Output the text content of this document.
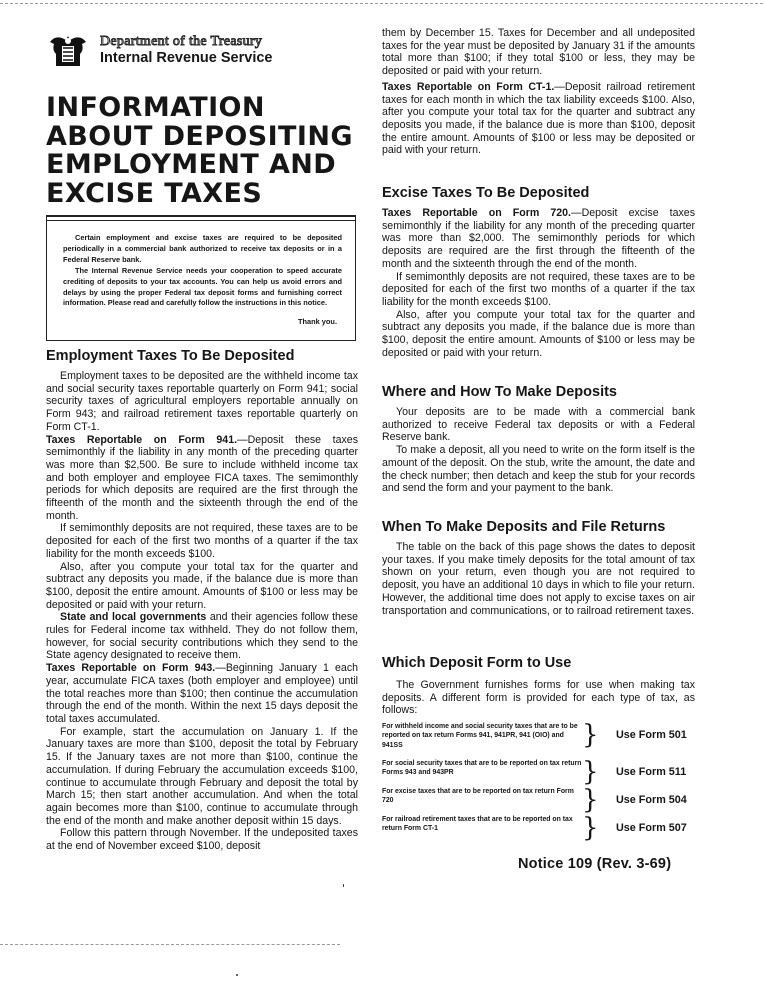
Department of the Treasury
Internal Revenue Service
INFORMATION
ABOUT DEPOSITING
EMPLOYMENT AND
EXCISE TAXES

Certain employment and excise taxes are required to be deposited periodically in a commercial bank authorized to receive tax deposits or in a Federal Reserve bank.

The Internal Revenue Service needs your cooperation to speed accurate crediting of deposits to your tax accounts. You can help us avoid errors and delays by using the proper Federal tax deposit forms and furnishing correct information. Please read and carefully follow the instructions in this notice.

Thank you.
Employment Taxes To Be Deposited

Employment taxes to be deposited are the withheld income tax and social security taxes reportable quarterly on Form 941; social security taxes of agricultural employers reportable annually on Form 943; and railroad retirement taxes reportable quarterly on Form CT-1.

Taxes Reportable on Form 941.—Deposit these taxes semimonthly if the liability in any month of the preceding quarter was more than $2,500. Be sure to include withheld income tax and both employer and employee FICA taxes. The semimonthly periods for which deposits are required are the first through the fifteenth of the month and the sixteenth through the end of the month.

If semimonthly deposits are not required, these taxes are to be deposited for each of the first two months of a quarter if the tax liability for the month exceeds $100.

Also, after you compute your total tax for the quarter and subtract any deposits you made, if the balance due is more than $100, deposit the entire amount. Amounts of $100 or less may be deposited or paid with your return.

State and local governments and their agencies follow these rules for Federal income tax withheld. They do not follow them, however, for social security contributions which they send to the State agency designated to receive them.

Taxes Reportable on Form 943.—Beginning January 1 each year, accumulate FICA taxes (both employer and employee) until the total reaches more than $100; then continue the accumulation through the end of the month. Within the next 15 days deposit the total taxes accumulated.

For example, start the accumulation on January 1. If the January taxes are more than $100, deposit the total by February 15. If the January taxes are not more than $100, continue the accumulation. If during February the accumulation exceeds $100, continue to accumulate through February and deposit the total by March 15; then start another accumulation. And when the total again becomes more than $100, continue to accumulate through the end of the month and make another deposit within 15 days.

Follow this pattern through November. If the undeposited taxes at the end of November exceed $100, deposit

them by December 15. Taxes for December and all undeposited taxes for the year must be deposited by January 31 if the amounts total more than $100; if they total $100 or less, they may be deposited or paid with your return.

Taxes Reportable on Form CT-1.—Deposit railroad retirement taxes for each month in which the tax liability exceeds $100. Also, after you compute your total tax for the quarter and subtract any deposits you made, if the balance due is more than $100, deposit the entire amount. Amounts of $100 or less may be deposited or paid with your return.

Excise Taxes To Be Deposited

Taxes Reportable on Form 720.—Deposit excise taxes semimonthly if the liability for any month of the preceding quarter was more than $2,000. The semimonthly periods for which deposits are required are the first through the fifteenth of the month and the sixteenth through the end of the month.

If semimonthly deposits are not required, these taxes are to be deposited for each of the first two months of a quarter if the tax liability for the month exceeds $100.

Also, after you compute your total tax for the quarter and subtract any deposits you made, if the balance due is more than $100, deposit the entire amount. Amounts of $100 or less may be deposited or paid with your return.

Where and How To Make Deposits

Your deposits are to be made with a commercial bank authorized to receive Federal tax deposits or with a Federal Reserve bank.

To make a deposit, all you need to write on the form itself is the amount of the deposit. On the stub, write the amount, the date and the check number; then detach and keep the stub for your records and send the form and your payment to the bank.

When To Make Deposits and File Returns

The table on the back of this page shows the dates to deposit your taxes. If you make timely deposits for the total amount of tax shown on your return, even though you are not required to deposit, you have an additional 10 days in which to file your return. However, the additional time does not apply to excise taxes on air transportation and communications, or to railroad retirement taxes.

Which Deposit Form to Use

The Government furnishes forms for use when making tax deposits. A different form is provided for each type of tax, as follows:

For withheld income and social security taxes that are to be reported on tax return Forms 941, 941PR, 941 (OIO) and 941SS	} Use Form 501
For social security taxes that are to be reported on tax return Forms 943 and 943PR	} Use Form 511
For excise taxes that are to be reported on tax return Form 720	} Use Form 504
For railroad retirement taxes that are to be reported on tax return Form CT-1	} Use Form 507
Notice 109 (Rev. 3-69)
